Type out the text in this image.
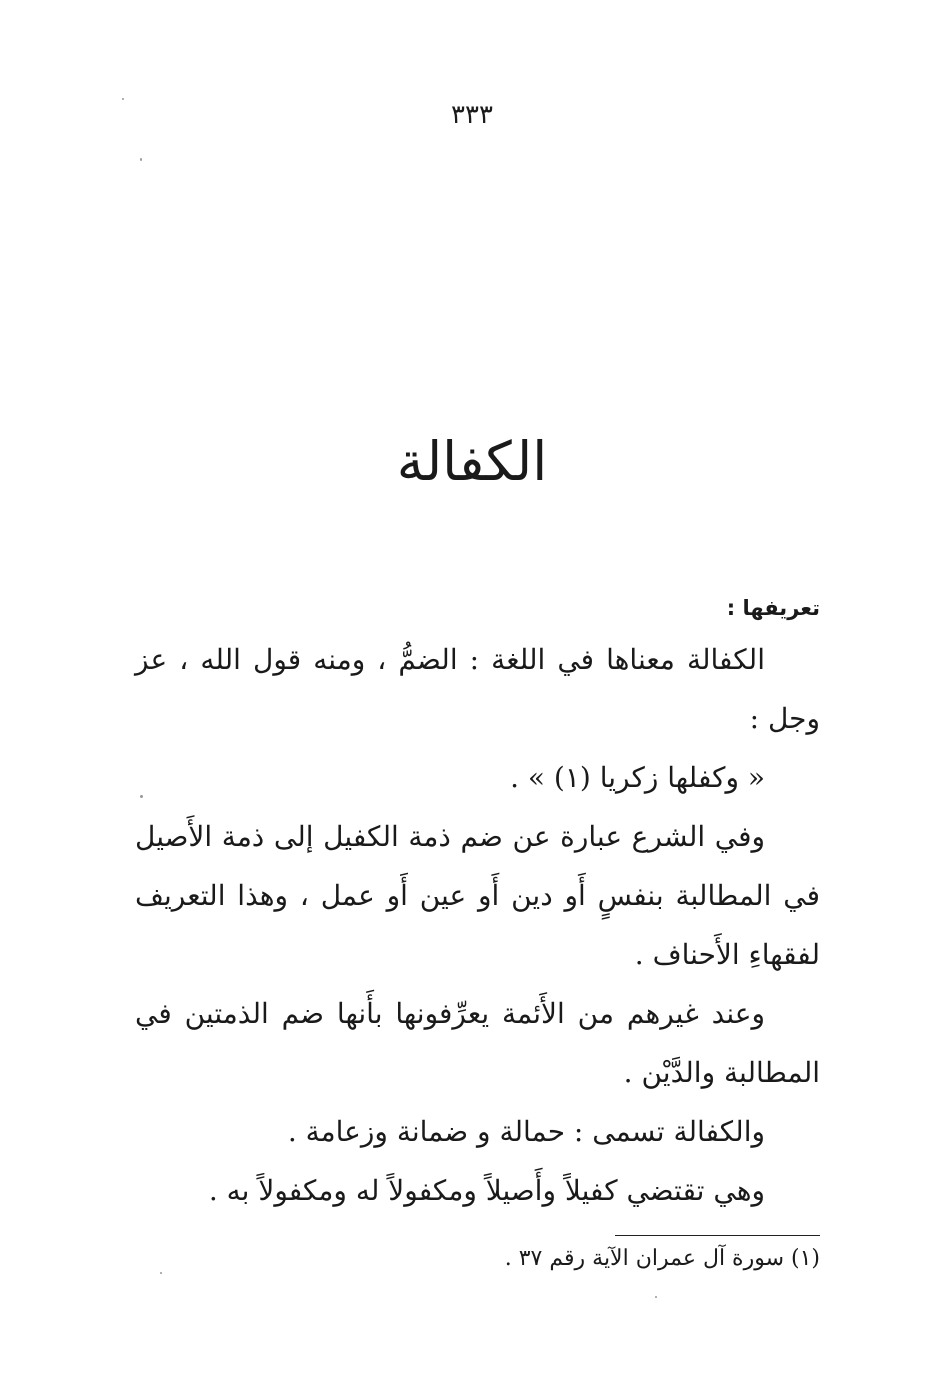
٣٣٣
الكفالة
تعريفها :

الكفالة معناها في اللغة : الضمُّ ، ومنه قول الله ، عز وجل :

« وكفلها زكريا (١) » .

وفي الشرع عبارة عن ضم ذمة الكفيل إلى ذمة الأَصيل في المطالبة بنفسٍ أَو دين أَو عين أَو عمل ، وهذا التعريف لفقهاءِ الأَحناف .

وعند غيرهم من الأَئمة يعرِّفونها بأَنها ضم الذمتين في المطالبة والدَّيْن .

والكفالة تسمى : حمالة و ضمانة وزعامة .

وهي تقتضي كفيلاً وأَصيلاً ومكفولاً له ومكفولاً به .

(١) سورة آل عمران الآية رقم ٣٧ .
